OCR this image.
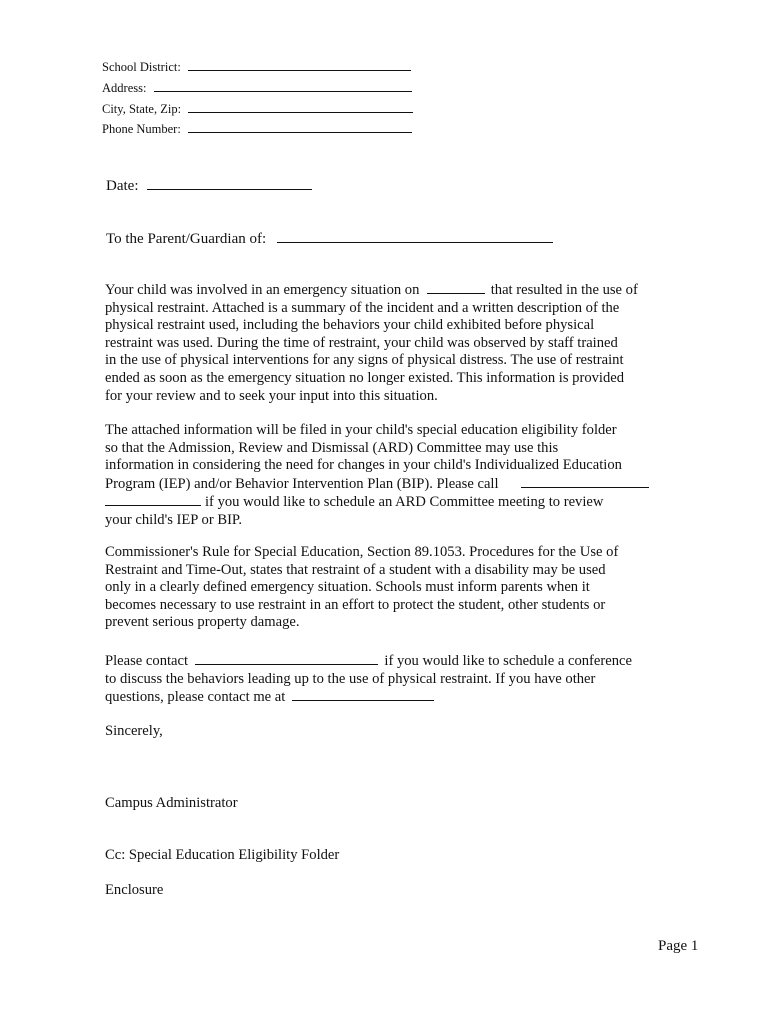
School District:
Address:
City, State, Zip:
Phone Number:
Date:
To the Parent/Guardian of:

Your child was involved in an emergency situation on	that resulted in the use of
physical restraint. Attached is a summary of the incident and a written description of the
physical restraint used, including the behaviors your child exhibited before physical
restraint was used. During the time of restraint, your child was observed by staff trained
in the use of physical interventions for any signs of physical distress. The use of restraint
ended as soon as the emergency situation no longer existed. This information is provided
for your review and to seek your input into this situation.

The attached information will be filed in your child's special education eligibility folder
so that the Admission, Review and Dismissal (ARD) Committee may use this
information in considering the need for changes in your child's Individualized Education
Program (IEP) and/or Behavior Intervention Plan (BIP). Please call
if you would like to schedule an ARD Committee meeting to review
your child's IEP or BIP.

Commissioner's Rule for Special Education, Section 89.1053. Procedures for the Use of
Restraint and Time-Out, states that restraint of a student with a disability may be used
only in a clearly defined emergency situation. Schools must inform parents when it
becomes necessary to use restraint in an effort to protect the student, other students or
prevent serious property damage.

Please contact	if you would like to schedule a conference
to discuss the behaviors leading up to the use of physical restraint. If you have other
questions, please contact me at

Sincerely,
Campus Administrator
Cc: Special Education Eligibility Folder
Enclosure
Page 1
